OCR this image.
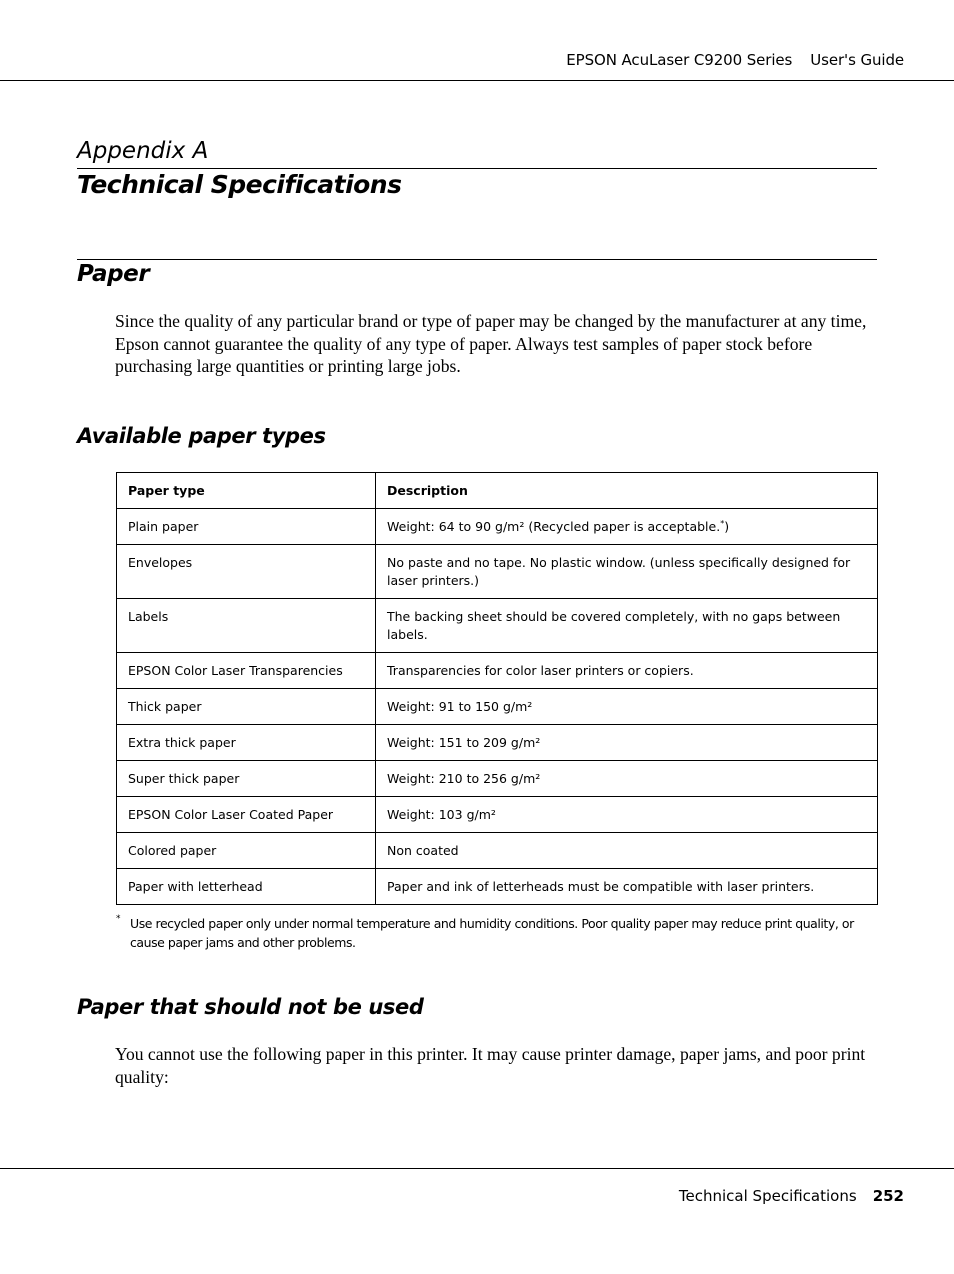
EPSON AcuLaser C9200 Series User's Guide
Appendix A
Technical Specifications
Paper
Since the quality of any particular brand or type of paper may be changed by the manufacturer at any time, Epson cannot guarantee the quality of any type of paper. Always test samples of paper stock before purchasing large quantities or printing large jobs.
Available paper types
Paper type	Description
Plain paper	Weight: 64 to 90 g/m² (Recycled paper is acceptable.*)
Envelopes	No paste and no tape. No plastic window. (unless specifically designed for laser printers.)
Labels	The backing sheet should be covered completely, with no gaps between labels.
EPSON Color Laser Transparencies	Transparencies for color laser printers or copiers.
Thick paper	Weight: 91 to 150 g/m²
Extra thick paper	Weight: 151 to 209 g/m²
Super thick paper	Weight: 210 to 256 g/m²
EPSON Color Laser Coated Paper	Weight: 103 g/m²
Colored paper	Non coated
Paper with letterhead	Paper and ink of letterheads must be compatible with laser printers.
* Use recycled paper only under normal temperature and humidity conditions. Poor quality paper may reduce print quality, or cause paper jams and other problems.
Paper that should not be used
You cannot use the following paper in this printer. It may cause printer damage, paper jams, and poor print quality:
Technical Specifications 252
